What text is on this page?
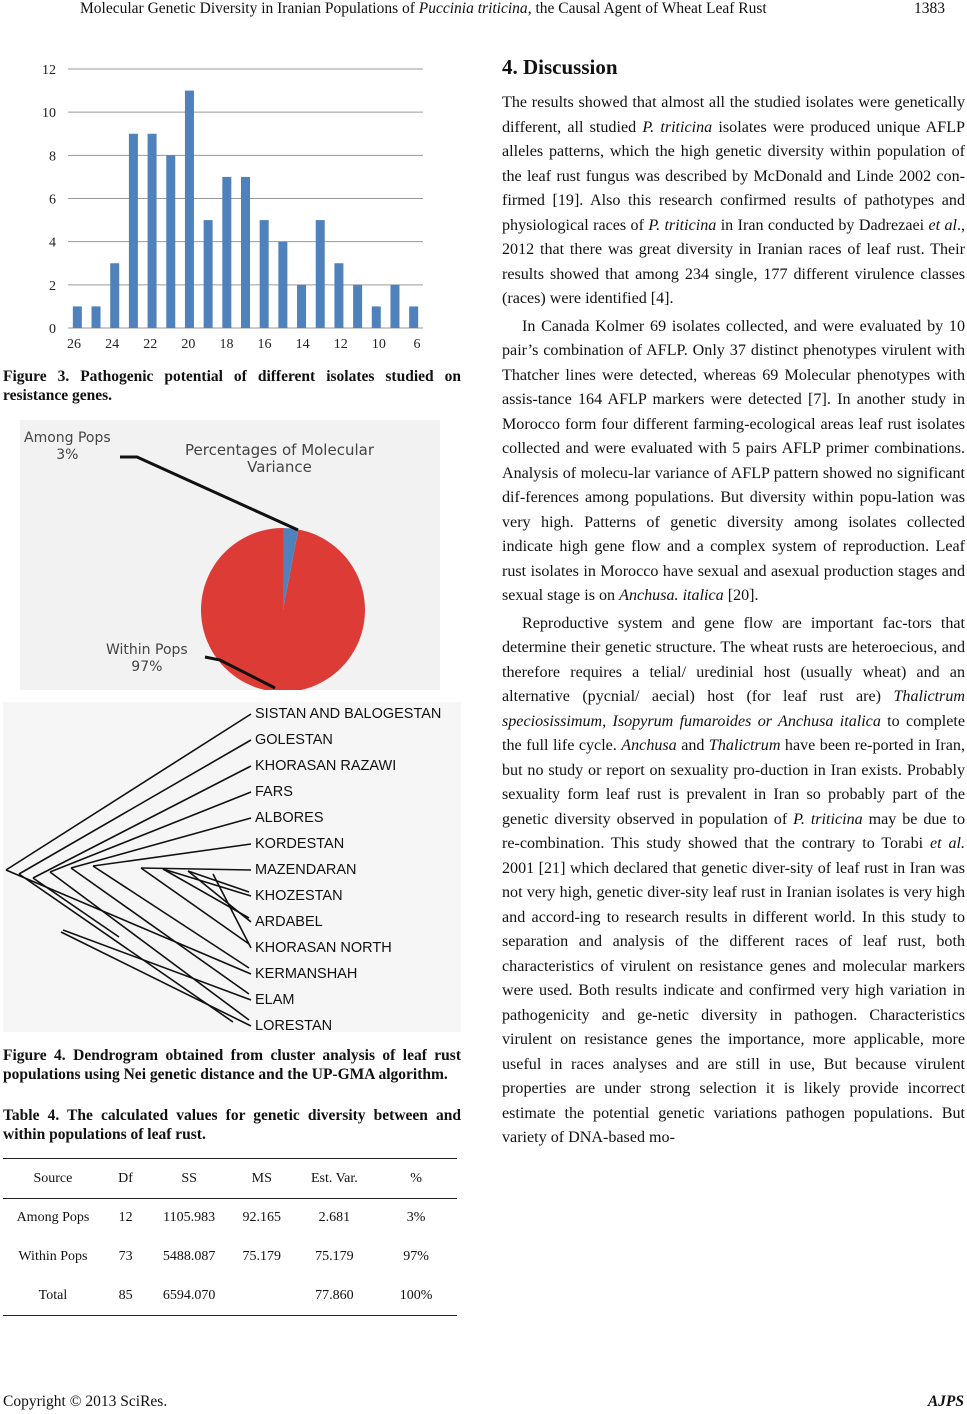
Molecular Genetic Diversity in Iranian Populations of Puccinia triticina, the Causal Agent of Wheat Leaf Rust	1383
0
2
4
6
8
10
12
26 24 22 20 18 16 14 12 10 6
Figure 3. Pathogenic potential of different isolates studied on resistance genes.
Among Pops
3%	Percentages of Molecular
Variance
Within Pops
97%
SISTAN AND BALOGESTAN
GOLESTAN
KHORASAN RAZAWI
FARS
ALBORES
KORDESTAN
MAZENDARAN
KHOZESTAN
ARDABEL
KHORASAN NORTH
KERMANSHAH
ELAM
LORESTAN
Figure 4. Dendrogram obtained from cluster analysis of leaf rust populations using Nei genetic distance and the UP-GMA algorithm.
Table 4. The calculated values for genetic diversity between and within populations of leaf rust.
Source	Df	SS	MS	Est. Var.	%
Among Pops	12	1105.983	92.165	2.681	3%
Within Pops	73	5488.087	75.179	75.179	97%
Total	85	6594.070		77.860	100%
4. Discussion

The results showed that almost all the studied isolates were genetically different, all studied P. triticina isolates were produced unique AFLP alleles patterns, which the high genetic diversity within population of the leaf rust fungus was described by McDonald and Linde 2002 con-firmed [19]. Also this research confirmed results of pathotypes and physiological races of P. triticina in Iran conducted by Dadrezaei et al., 2012 that there was great diversity in Iranian races of leaf rust. Their results showed that among 234 single, 177 different virulence classes (races) were identified [4].

In Canada Kolmer 69 isolates collected, and were evaluated by 10 pair’s combination of AFLP. Only 37 distinct phenotypes virulent with Thatcher lines were detected, whereas 69 Molecular phenotypes with assis-tance 164 AFLP markers were detected [7]. In another study in Morocco form four different farming-ecological areas leaf rust isolates collected and were evaluated with 5 pairs AFLP primer combinations. Analysis of molecu-lar variance of AFLP pattern showed no significant dif-ferences among populations. But diversity within popu-lation was very high. Patterns of genetic diversity among isolates collected indicate high gene flow and a complex system of reproduction. Leaf rust isolates in Morocco have sexual and asexual production stages and sexual stage is on Anchusa. italica [20].

Reproductive system and gene flow are important fac-tors that determine their genetic structure. The wheat rusts are heteroecious, and therefore requires a telial/ uredinial host (usually wheat) and an alternative (pycnial/ aecial) host (for leaf rust are) Thalictrum speciosissimum, Isopyrum fumaroides or Anchusa italica to complete the full life cycle. Anchusa and Thalictrum have been re-ported in Iran, but no study or report on sexuality pro-duction in Iran exists. Probably sexuality form leaf rust is prevalent in Iran so probably part of the genetic diversity observed in population of P. triticina may be due to re-combination. This study showed that the contrary to Torabi et al. 2001 [21] which declared that genetic diver-sity of leaf rust in Iran was not very high, genetic diver-sity leaf rust in Iranian isolates is very high and accord-ing to research results in different world. In this study to separation and analysis of the different races of leaf rust, both characteristics of virulent on resistance genes and molecular markers were used. Both results indicate and confirmed very high variation in pathogenicity and ge-netic diversity in pathogen. Characteristics virulent on resistance genes the importance, more applicable, more useful in races analyses and are still in use, But because virulent properties are under strong selection it is likely provide incorrect estimate the potential genetic variations pathogen populations. But variety of DNA-based mo-

Copyright © 2013 SciRes.	AJPS
